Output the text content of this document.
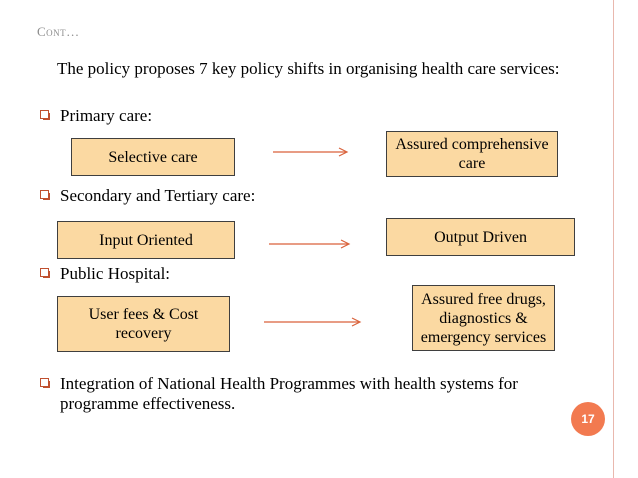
Cont…
The policy proposes 7 key policy shifts in organising health care services:
Primary care:
Selective care
Assured comprehensive care
Secondary and Tertiary care:
Input Oriented	Output Driven
Public Hospital:
User fees & Cost recovery
Assured free drugs, diagnostics & emergency services
Integration of National Health Programmes with health systems for programme effectiveness.
17
